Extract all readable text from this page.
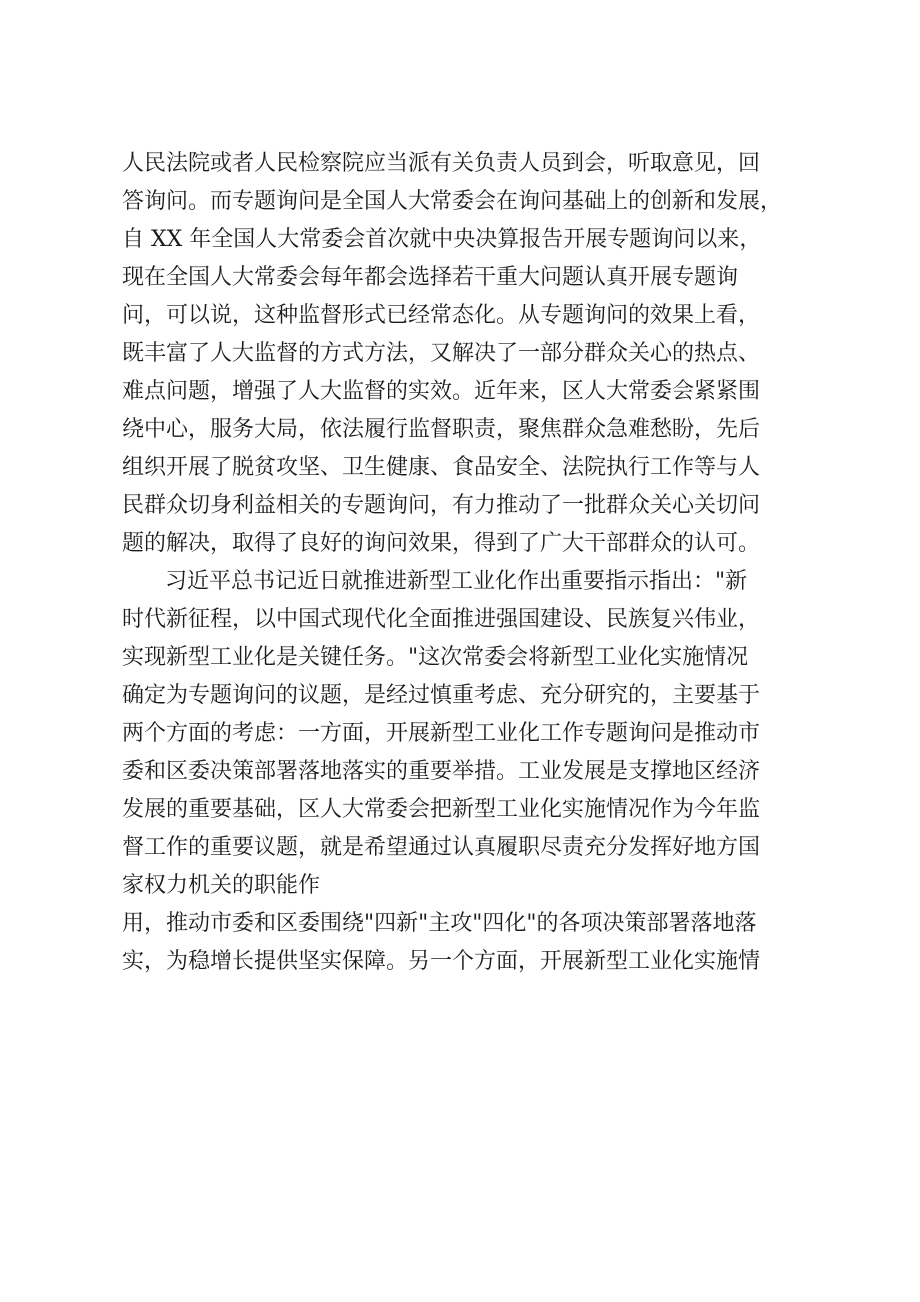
人民法院或者人民检察院应当派有关负责人员到会，听取意见，回
答询问。而专题询问是全国人大常委会在询问基础上的创新和发展，
自 XX 年全国人大常委会首次就中央决算报告开展专题询问以来，
现在全国人大常委会每年都会选择若干重大问题认真开展专题询
问，可以说，这种监督形式已经常态化。从专题询问的效果上看，
既丰富了人大监督的方式方法，又解决了一部分群众关心的热点、
难点问题，增强了人大监督的实效。近年来，区人大常委会紧紧围
绕中心，服务大局，依法履行监督职责，聚焦群众急难愁盼，先后
组织开展了脱贫攻坚、卫生健康、食品安全、法院执行工作等与人
民群众切身利益相关的专题询问，有力推动了一批群众关心关切问
题的解决，取得了良好的询问效果，得到了广大干部群众的认可。
习近平总书记近日就推进新型工业化作出重要指示指出："新
时代新征程，以中国式现代化全面推进强国建设、民族复兴伟业，
实现新型工业化是关键任务。"这次常委会将新型工业化实施情况
确定为专题询问的议题，是经过慎重考虑、充分研究的，主要基于
两个方面的考虑：一方面，开展新型工业化工作专题询问是推动市
委和区委决策部署落地落实的重要举措。工业发展是支撑地区经济
发展的重要基础，区人大常委会把新型工业化实施情况作为今年监
督工作的重要议题，就是希望通过认真履职尽责充分发挥好地方国
家权力机关的职能作
用，推动市委和区委围绕"四新"主攻"四化"的各项决策部署落地落
实，为稳增长提供坚实保障。另一个方面，开展新型工业化实施情
